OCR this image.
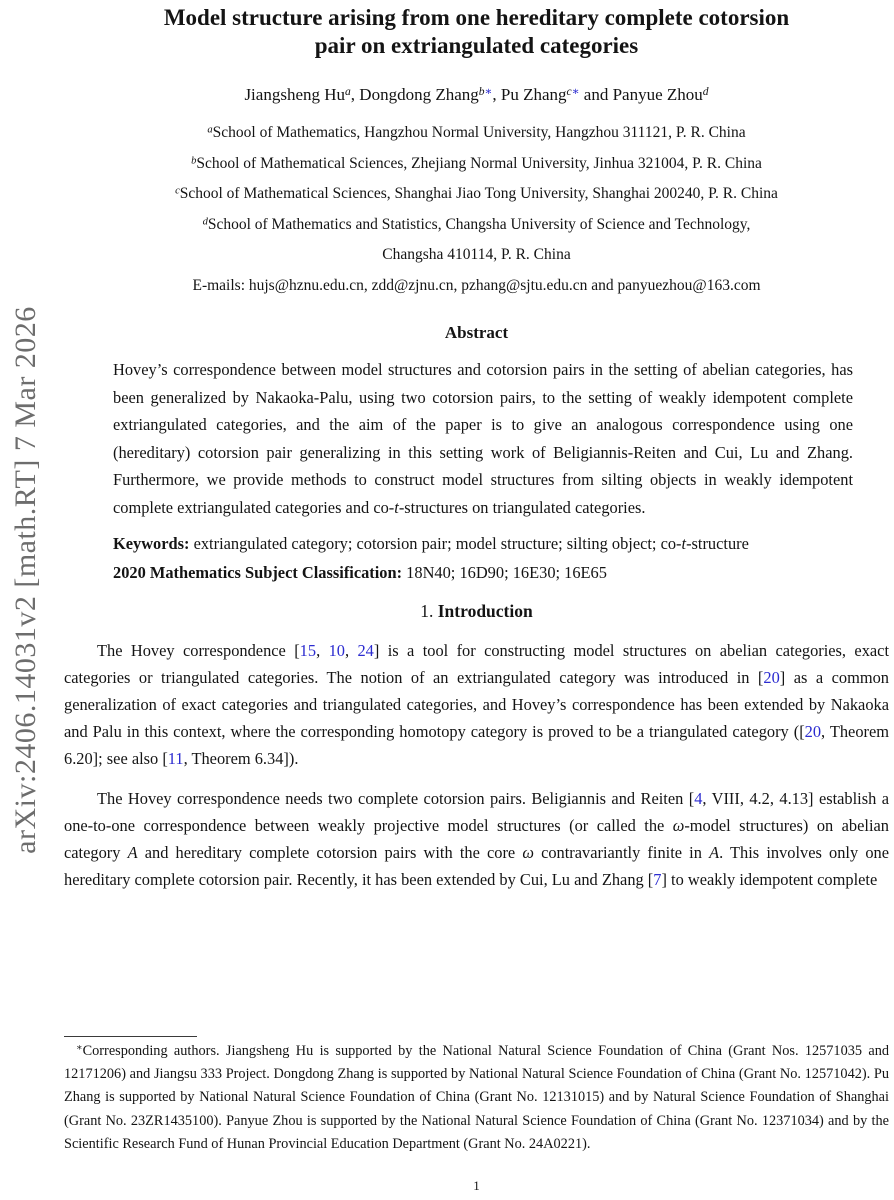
arXiv:2406.14031v2 [math.RT] 7 Mar 2026
Model structure arising from one hereditary complete cotorsion
pair on extriangulated categories
Jiangsheng Hu$^a$, Dongdong Zhang$^{b∗}$, Pu Zhang$^{c∗}$ and Panyue Zhou$^d$
$^a$School of Mathematics, Hangzhou Normal University, Hangzhou 311121, P. R. China
$^b$School of Mathematical Sciences, Zhejiang Normal University, Jinhua 321004, P. R. China
$^c$School of Mathematical Sciences, Shanghai Jiao Tong University, Shanghai 200240, P. R. China
$^d$School of Mathematics and Statistics, Changsha University of Science and Technology,
Changsha 410114, P. R. China
E-mails: hujs@hznu.edu.cn, zdd@zjnu.cn, pzhang@sjtu.edu.cn and panyuezhou@163.com
Abstract
Hovey’s correspondence between model structures and cotorsion pairs in the setting of abelian categories, has been generalized by Nakaoka-Palu, using two cotorsion pairs, to the setting of weakly idempotent complete extriangulated categories, and the aim of the paper is to give an analogous correspondence using one (hereditary) cotorsion pair generalizing in this setting work of Beligiannis-Reiten and Cui, Lu and Zhang. Furthermore, we provide methods to construct model structures from silting objects in weakly idempotent complete extriangulated categories and co-t-structures on triangulated categories.
Keywords: extriangulated category; cotorsion pair; model structure; silting object; co-t-structure
2020 Mathematics Subject Classification: 18N40; 16D90; 16E30; 16E65
1. Introduction
The Hovey correspondence [15, 10, 24] is a tool for constructing model structures on abelian categories, exact categories or triangulated categories. The notion of an extriangulated category was introduced in [20] as a common generalization of exact categories and triangulated categories, and Hovey’s correspondence has been extended by Nakaoka and Palu in this context, where the corresponding homotopy category is proved to be a triangulated category ([20, Theorem 6.20]; see also [11, Theorem 6.34]).
The Hovey correspondence needs two complete cotorsion pairs. Beligiannis and Reiten [4, VIII, 4.2, 4.13] establish a one-to-one correspondence between weakly projective model structures (or called the ω-model structures) on abelian category A and hereditary complete cotorsion pairs with the core ω contravariantly finite in A. This involves only one hereditary complete cotorsion pair. Recently, it has been extended by Cui, Lu and Zhang [7] to weakly idempotent complete
∗Corresponding authors. Jiangsheng Hu is supported by the National Natural Science Foundation of China (Grant Nos. 12571035 and 12171206) and Jiangsu 333 Project. Dongdong Zhang is supported by National Natural Science Foundation of China (Grant No. 12571042). Pu Zhang is supported by National Natural Science Foundation of China (Grant No. 12131015) and by Natural Science Foundation of Shanghai (Grant No. 23ZR1435100). Panyue Zhou is supported by the National Natural Science Foundation of China (Grant No. 12371034) and by the Scientific Research Fund of Hunan Provincial Education Department (Grant No. 24A0221).
1
